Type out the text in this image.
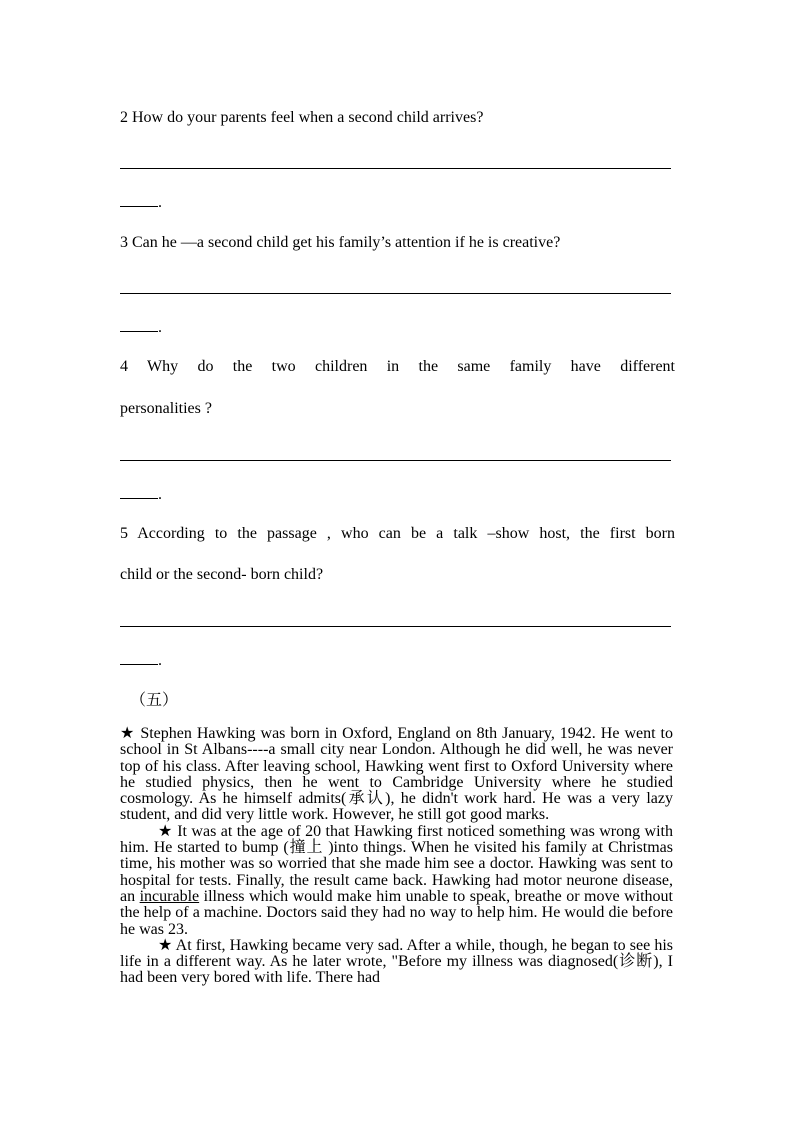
2 How do your parents feel when a second child arrives?
.
3 Can he —a second child get his family’s attention if he is creative?
.
4 Why do the two children in the same family have different
personalities ?
.
5 According to the passage , who can be a talk –show host, the first born
child or the second- born child?
.
（五）

★ Stephen Hawking was born in Oxford, England on 8th January, 1942. He went to school in St Albans----a small city near London. Although he did well, he was never top of his class. After leaving school, Hawking went first to Oxford University where he studied physics, then he went to Cambridge University where he studied cosmology. As he himself admits(承认), he didn't work hard. He was a very lazy student, and did very little work. However, he still got good marks.

★ It was at the age of 20 that Hawking first noticed something was wrong with him. He started to bump (撞上 )into things. When he visited his family at Christmas time, his mother was so worried that she made him see a doctor. Hawking was sent to hospital for tests. Finally, the result came back. Hawking had motor neurone disease, an incurable illness which would make him unable to speak, breathe or move without the help of a machine. Doctors said they had no way to help him. He would die before he was 23.

★ At first, Hawking became very sad. After a while, though, he began to see his life in a different way. As he later wrote, "Before my illness was diagnosed(诊断), I had been very bored with life. There had
